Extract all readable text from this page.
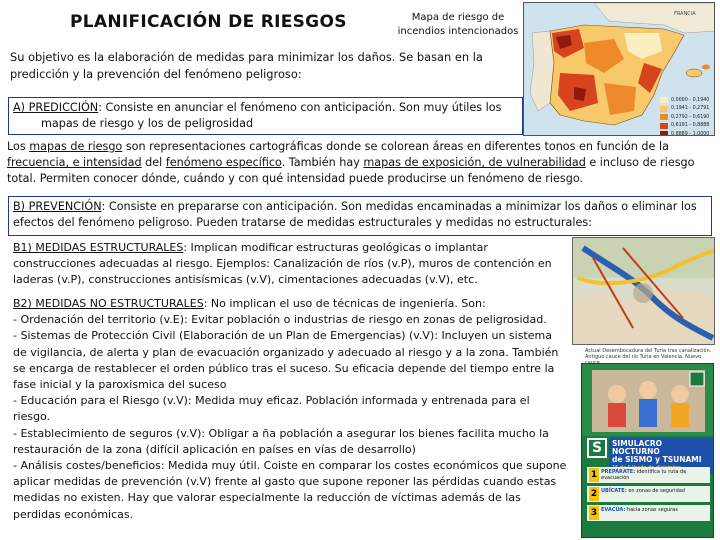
PLANIFICACIÓN DE RIESGOS	Mapa de riesgo de incendios intencionados
Su objetivo es la elaboración de medidas para minimizar los daños. Se basan en la predicción y la prevención del fenómeno peligroso:
A) PREDICCIÓN: Consiste en anunciar el fenómeno con anticipación. Son muy útiles los
mapas de riesgo y los de peligrosidad
Los mapas de riesgo son representaciones cartográficas donde se colorean áreas en diferentes tonos en función de la frecuencia, e intensidad del fenómeno específico. También hay mapas de exposición, de vulnerabilidad e incluso de riesgo total. Permiten conocer dónde, cuándo y con qué intensidad puede producirse un fenómeno de riesgo.
B) PREVENCIÓN: Consiste en prepararse con anticipación. Son medidas encaminadas a minimizar los daños o eliminar los efectos del fenómeno peligroso. Pueden tratarse de medidas estructurales y medidas no estructurales:
B1) MEDIDAS ESTRUCTURALES: Implican modificar estructuras geológicas o implantar construcciones adecuadas al riesgo. Ejemplos: Canalización de ríos (v.P), muros de contención en laderas (v.P), construcciones antisísmicas (v.V), cimentaciones adecuadas (v.V), etc.
B2) MEDIDAS NO ESTRUCTURALES: No implican el uso de técnicas de ingeniería. Son:
- Ordenación del territorio (v.E): Evitar población o industrias de riesgo en zonas de peligrosidad.
- Sistemas de Protección Civil (Elaboración de un Plan de Emergencias) (v.V): Incluyen un sistema de vigilancia, de alerta y plan de evacuación organizado y adecuado al riesgo y a la zona. También se encarga de restablecer el orden público tras el suceso. Su eficacia depende del tiempo entre la fase inicial y la paroxismica del suceso
- Educación para el Riesgo (v.V): Medida muy eficaz. Población informada y entrenada para el riesgo.
- Establecimiento de seguros (v.V): Obligar a ña población a asegurar los bienes facilita mucho la restauración de la zona (difícil aplicación en países en vías de desarrollo)
- Análisis costes/beneficios: Medida muy útil. Coiste en comparar los costes económicos que supone aplicar medidas de prevención (v.V) frente al gasto que supone reponer las pérdidas cuando estas medidas no existen. Hay que valorar especialmente la reducción de víctimas además de las perdidas económicas.
FRANCIA
0,0000 - 0,1940
0,1941 - 0,2791
0,2792 - 0,6190
0,6191 - 0,8888
0,8889 - 1,0000
Actual Desembocadura del Turia tras canalización. Antiguo cauce del río Turia en Valencia. Nuevo
S	SIMULACRO NOCTURNO
de SISMO y TSUNAMI
1 PREPÁRATE: identifica tu ruta de evacuación
2 UBÍCATE: en zonas de seguridad
3 EVACÚA: hacia zonas seguras
